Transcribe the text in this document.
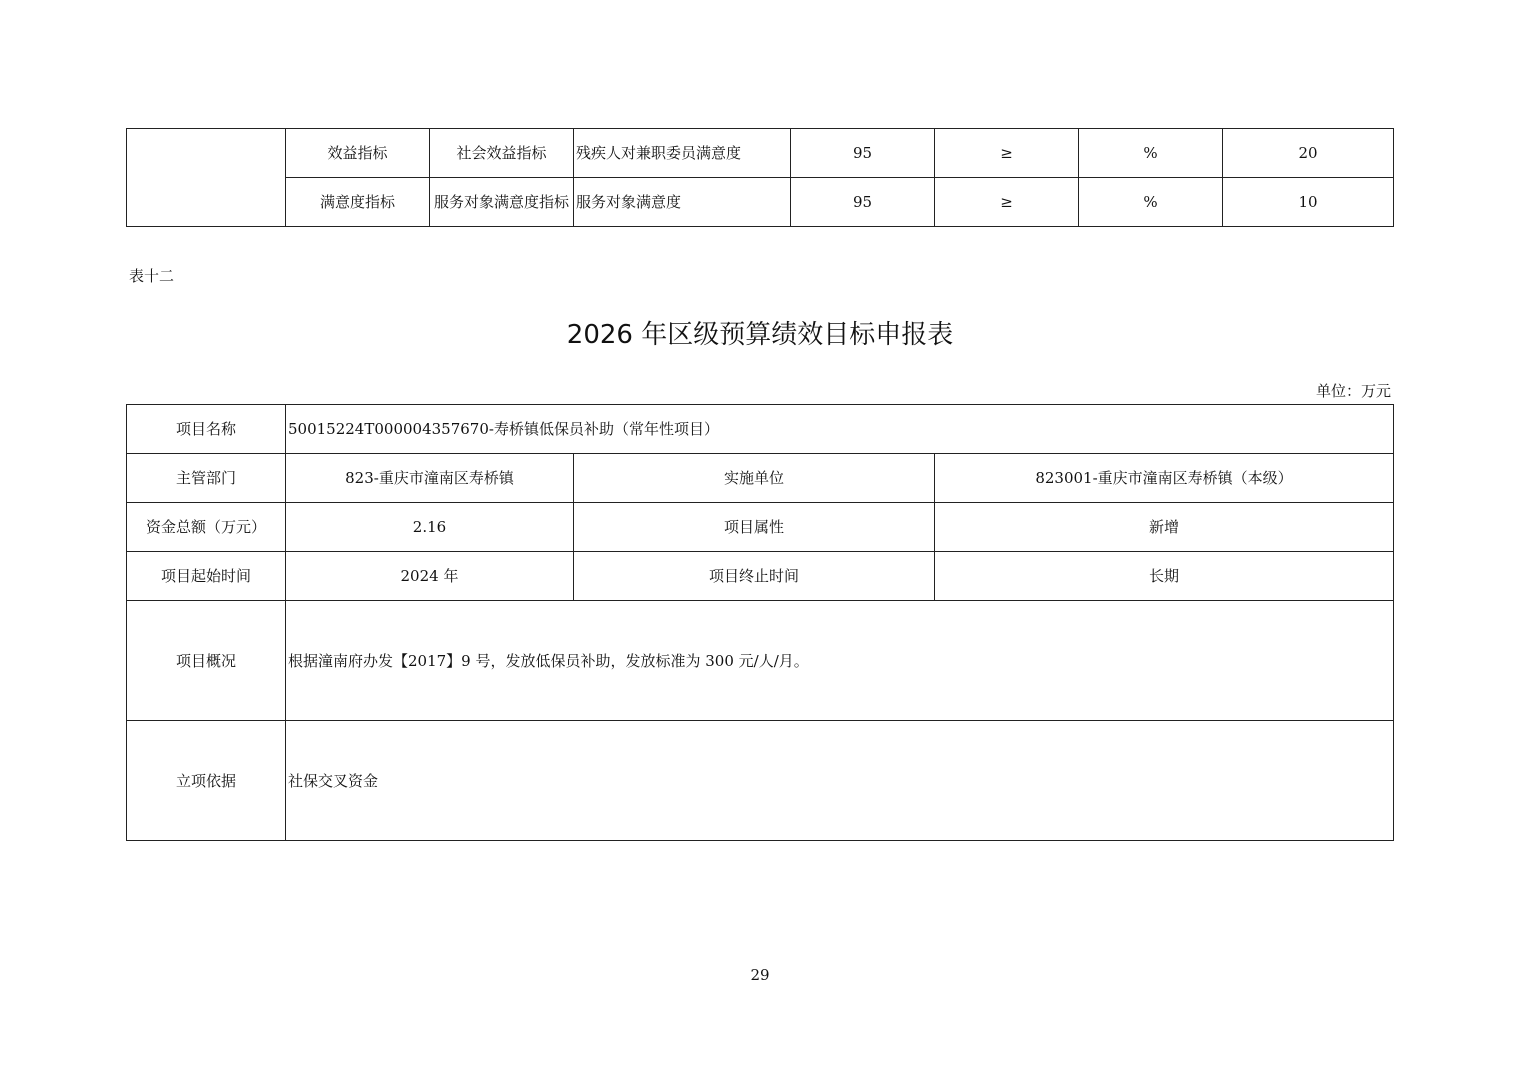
	效益指标	社会效益指标	残疾人对兼职委员满意度	95	≥	%	20
	满意度指标	服务对象满意度指标	服务对象满意度	95	≥	%	10
表十二
2026 年区级预算绩效目标申报表
单位：万元
项目名称	50015224T000004357670-寿桥镇低保员补助（常年性项目）		
主管部门	823-重庆市潼南区寿桥镇	实施单位	823001-重庆市潼南区寿桥镇（本级）
资金总额（万元）	2.16	项目属性	新增
项目起始时间	2024 年	项目终止时间	长期
项目概况	根据潼南府办发【2017】9 号，发放低保员补助，发放标准为 300 元/人/月。		
立项依据	社保交叉资金		
29
